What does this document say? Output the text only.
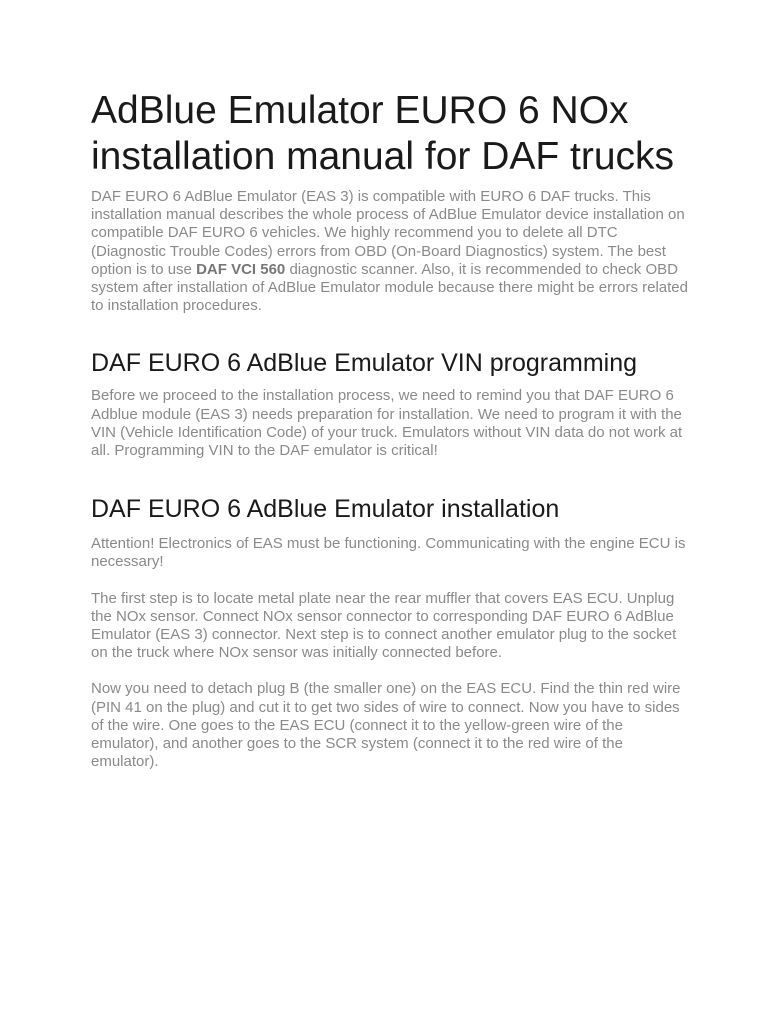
AdBlue Emulator EURO 6 NOx installation manual for DAF trucks

DAF EURO 6 AdBlue Emulator (EAS 3) is compatible with EURO 6 DAF trucks. This installation manual describes the whole process of AdBlue Emulator device installation on compatible DAF EURO 6 vehicles. We highly recommend you to delete all DTC (Diagnostic Trouble Codes) errors from OBD (On-Board Diagnostics) system. The best option is to use DAF VCI 560 diagnostic scanner. Also, it is recommended to check OBD system after installation of AdBlue Emulator module because there might be errors related to installation procedures.

DAF EURO 6 AdBlue Emulator VIN programming

Before we proceed to the installation process, we need to remind you that DAF EURO 6 Adblue module (EAS 3) needs preparation for installation. We need to program it with the VIN (Vehicle Identification Code) of your truck. Emulators without VIN data do not work at all. Programming VIN to the DAF emulator is critical!

DAF EURO 6 AdBlue Emulator installation

Attention! Electronics of EAS must be functioning. Communicating with the engine ECU is necessary!

The first step is to locate metal plate near the rear muffler that covers EAS ECU. Unplug the NOx sensor. Connect NOx sensor connector to corresponding DAF EURO 6 AdBlue Emulator (EAS 3) connector. Next step is to connect another emulator plug to the socket on the truck where NOx sensor was initially connected before.

Now you need to detach plug B (the smaller one) on the EAS ECU. Find the thin red wire (PIN 41 on the plug) and cut it to get two sides of wire to connect. Now you have to sides of the wire. One goes to the EAS ECU (connect it to the yellow-green wire of the emulator), and another goes to the SCR system (connect it to the red wire of the emulator).
